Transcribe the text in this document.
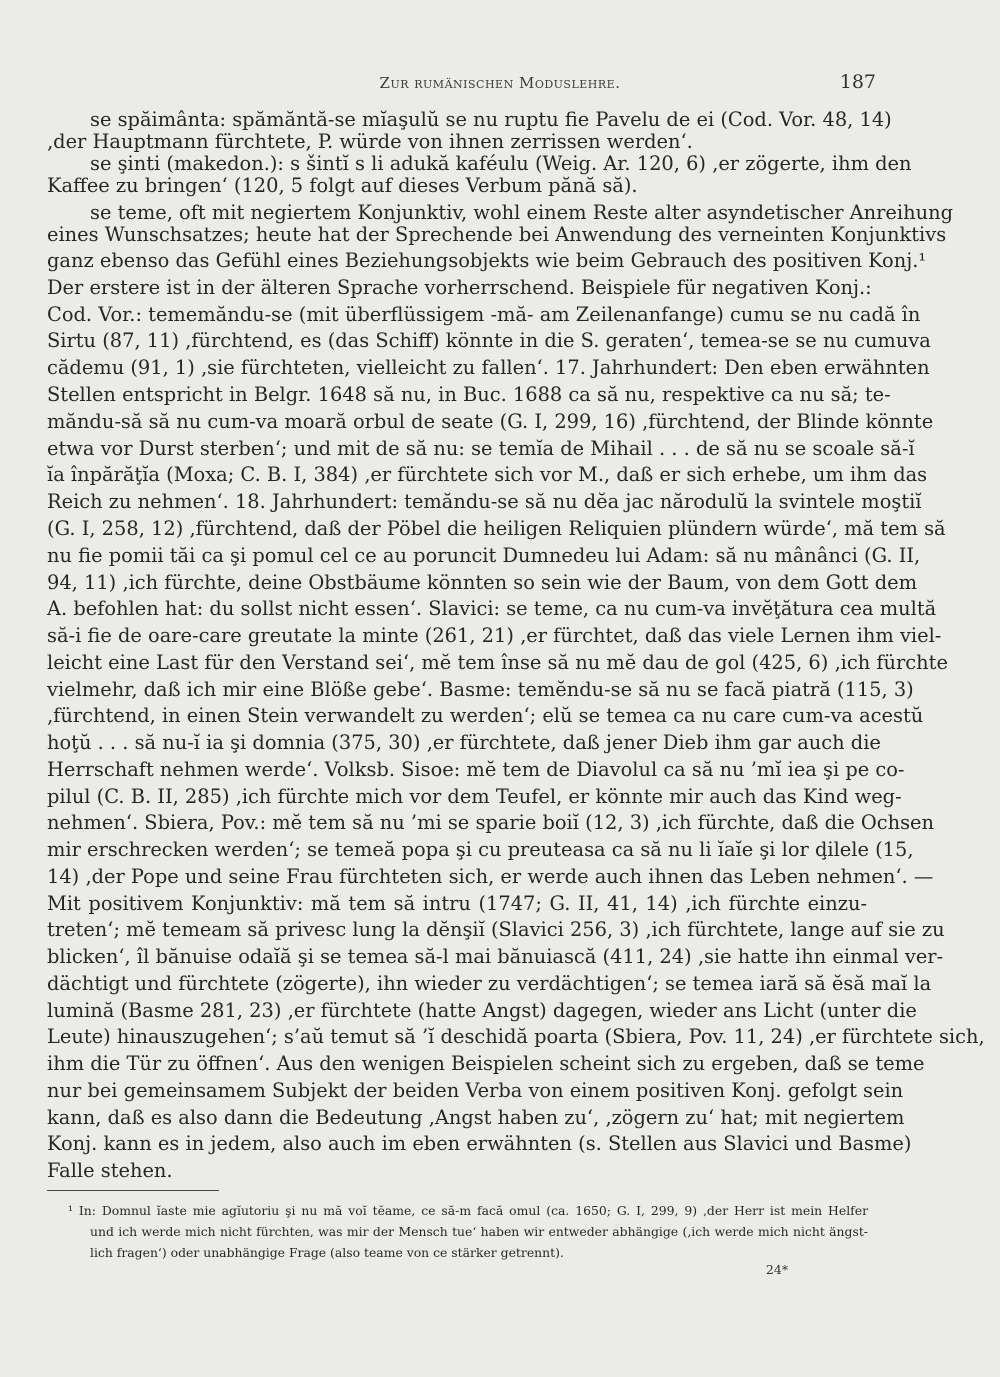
Zur rumänischen Moduslehre.	187
se spăimânta: spămăntă-se mĭaşulŭ se nu ruptu fie Pavelu de ei (Cod. Vor. 48, 14)
‚der Hauptmann fürchtete, P. würde von ihnen zerrissen werden‘.
se şinti (makedon.): s šintĭ s li adukă kaféulu (Weig. Ar. 120, 6) ‚er zögerte, ihm den
Kaffee zu bringen‘ (120, 5 folgt auf dieses Verbum pănă să).
se teme, oft mit negiertem Konjunktiv, wohl einem Reste alter asyndetischer Anreihung
eines Wunschsatzes; heute hat der Sprechende bei Anwendung des verneinten Konjunktivs
ganz ebenso das Gefühl eines Beziehungsobjekts wie beim Gebrauch des positiven Konj.¹
Der erstere ist in der älteren Sprache vorherrschend. Beispiele für negativen Konj.:
Cod. Vor.: tememăndu-se (mit überflüssigem -mă- am Zeilenanfange) cumu se nu cadă în
Sirtu (87, 11) ‚fürchtend, es (das Schiff) könnte in die S. geraten‘, temea-se se nu cumuva
cădemu (91, 1) ‚sie fürchteten, vielleicht zu fallen‘. 17. Jahrhundert: Den eben erwähnten
Stellen entspricht in Belgr. 1648 să nu, in Buc. 1688 ca să nu, respektive ca nu să; te-
măndu-să să nu cum-va moară orbul de seate (G. I, 299, 16) ‚fürchtend, der Blinde könnte
etwa vor Durst sterben‘; und mit de să nu: se temĭa de Mihail . . . de să nu se scoale să-ĭ
ĭa înpărăţĭa (Moxa; C. B. I, 384) ‚er fürchtete sich vor M., daß er sich erhebe, um ihm das
Reich zu nehmen‘. 18. Jahrhundert: temăndu-se să nu dĕa jac nărodulŭ la svintele moştiĭ
(G. I, 258, 12) ‚fürchtend, daß der Pöbel die heiligen Reliquien plündern würde‘, mă tem să
nu fie pomii tăi ca şi pomul cel ce au poruncit Dumnedeu lui Adam: să nu mânânci (G. II,
94, 11) ‚ich fürchte, deine Obstbäume könnten so sein wie der Baum, von dem Gott dem
A. befohlen hat: du sollst nicht essen‘. Slavici: se teme, ca nu cum-va invĕţătura cea multă
să-i fie de oare-care greutate la minte (261, 21) ‚er fürchtet, daß das viele Lernen ihm viel-
leicht eine Last für den Verstand sei‘, mĕ tem înse să nu mĕ dau de gol (425, 6) ‚ich fürchte
vielmehr, daß ich mir eine Blöße gebe‘. Basme: temĕndu-se să nu se facă piatră (115, 3)
‚fürchtend, in einen Stein verwandelt zu werden‘; elŭ se temea ca nu care cum-va acestŭ
hoţŭ . . . să nu-ĭ ia şi domnia (375, 30) ‚er fürchtete, daß jener Dieb ihm gar auch die
Herrschaft nehmen werde‘. Volksb. Sisoe: mĕ tem de Diavolul ca să nu ’mĭ iea şi pe co-
pilul (C. B. II, 285) ‚ich fürchte mich vor dem Teufel, er könnte mir auch das Kind weg-
nehmen‘. Sbiera, Pov.: mĕ tem să nu ’mi se sparie boiĭ (12, 3) ‚ich fürchte, daß die Ochsen
mir erschrecken werden‘; se temeă popa şi cu preuteasa ca să nu li ĭaĭe şi lor ḑilele (15,
14) ‚der Pope und seine Frau fürchteten sich, er werde auch ihnen das Leben nehmen‘. —
Mit positivem Konjunktiv: mă tem să intru (1747; G. II, 41, 14) ‚ich fürchte einzu-
treten‘; mĕ temeam să privesc lung la dĕnşiĭ (Slavici 256, 3) ‚ich fürchtete, lange auf sie zu
blicken‘, îl bănuise odaĭă şi se temea să-l mai bănuiască (411, 24) ‚sie hatte ihn einmal ver-
dächtigt und fürchtete (zögerte), ihn wieder zu verdächtigen‘; se temea iară să ĕsă maĭ la
lumină (Basme 281, 23) ‚er fürchtete (hatte Angst) dagegen, wieder ans Licht (unter die
Leute) hinauszugehen‘; s’aŭ temut să ’ĭ deschidă poarta (Sbiera, Pov. 11, 24) ‚er fürchtete sich,
ihm die Tür zu öffnen‘. Aus den wenigen Beispielen scheint sich zu ergeben, daß se teme
nur bei gemeinsamem Subjekt der beiden Verba von einem positiven Konj. gefolgt sein
kann, daß es also dann die Bedeutung ‚Angst haben zu‘, ‚zögern zu‘ hat; mit negiertem
Konj. kann es in jedem, also auch im eben erwähnten (s. Stellen aus Slavici und Basme)
Falle stehen.
¹ In: Domnul ĭaste mie agĭutoriu şi nu mă voĭ tĕame, ce să-m facă omul (ca. 1650; G. I, 299, 9) ‚der Herr ist mein Helfer
und ich werde mich nicht fürchten, was mir der Mensch tue‘ haben wir entweder abhängige (‚ich werde mich nicht ängst-
lich fragen‘) oder unabhängige Frage (also teame von ce stärker getrennt).
24*
